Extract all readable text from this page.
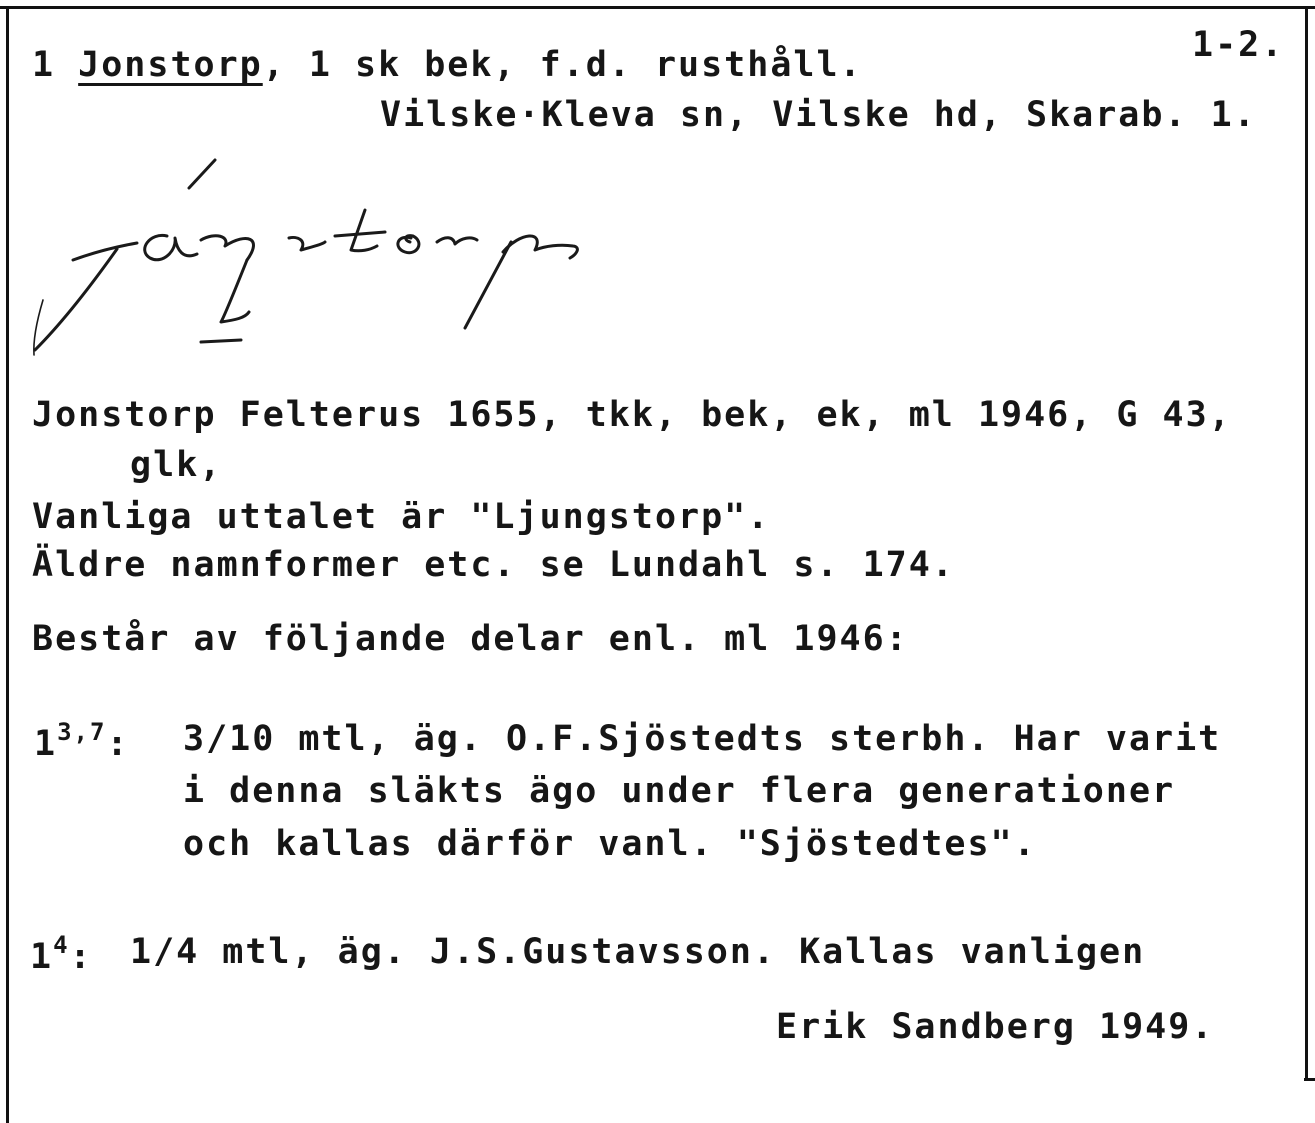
1 Jonstorp, 1 sk bek, f.d. rusthåll.	1-2.

Vilske·Kleva sn, Vilske hd, Skarab. 1.

Jonstorp Felterus 1655, tkk, bek, ek, ml 1946, G 43,

glk,

Vanliga uttalet är "Ljungstorp".

Äldre namnformer etc. se Lundahl s. 174.

Består av följande delar enl. ml 1946:

1$^{3,7}$: 3/10 mtl, äg. O.F.Sjöstedts sterbh. Har varit

i denna släkts ägo under flera generationer

och kallas därför vanl. "Sjöstedtes".

$1^4$: 1/4 mtl, äg. J.S.Gustavsson. Kallas vanligen

Erik Sandberg 1949.
